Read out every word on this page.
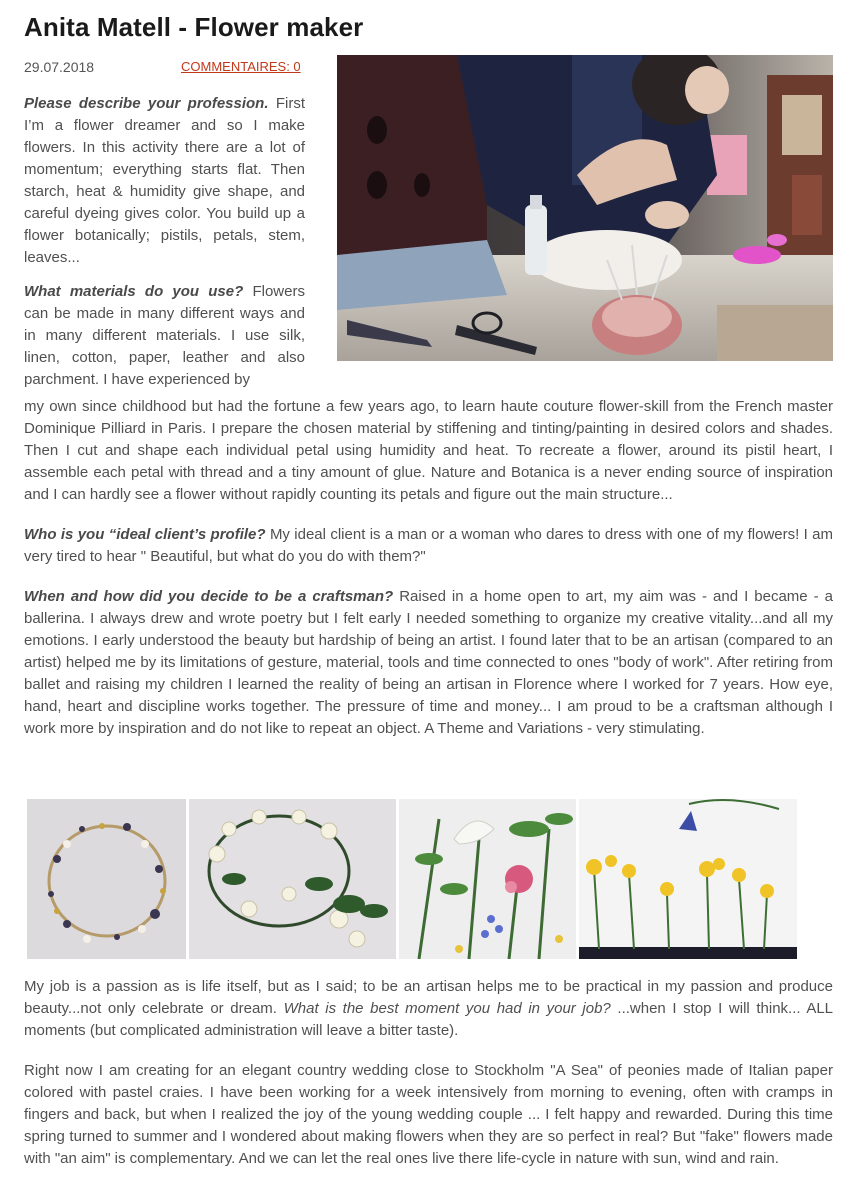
Anita Matell - Flower maker
29.07.2018	COMMENTAIRES: 0

Please describe your profession. First I’m a flower dreamer and so I make flowers. In this activity there are a lot of momentum; everything starts flat. Then starch, heat & humidity give shape, and careful dyeing gives color. You build up a flower botanically; pistils, petals, stem, leaves...

What materials do you use? Flowers can be made in many different ways and in many different materials. I use silk, linen, cotton, paper, leather and also parchment. I have experienced by

my own since childhood but had the fortune a few years ago, to learn haute couture flower-skill from the French master Dominique Pilliard in Paris. I prepare the chosen material by stiffening and tinting/painting in desired colors and shades. Then I cut and shape each individual petal using humidity and heat. To recreate a flower, around its pistil heart, I assemble each petal with thread and a tiny amount of glue. Nature and Botanica is a never ending source of inspiration and I can hardly see a flower without rapidly counting its petals and figure out the main structure...

Who is you “ideal client’s profile? My ideal client is a man or a woman who dares to dress with one of my flowers! I am very tired to hear " Beautiful, but what do you do with them?"

When and how did you decide to be a craftsman? Raised in a home open to art, my aim was - and I became - a ballerina. I always drew and wrote poetry but I felt early I needed something to organize my creative vitality...and all my emotions. I early understood the beauty but hardship of being an artist. I found later that to be an artisan (compared to an artist) helped me by its limitations of gesture, material, tools and time connected to ones "body of work". After retiring from ballet and raising my children I learned the reality of being an artisan in Florence where I worked for 7 years. How eye, hand, heart and discipline works together. The pressure of time and money... I am proud to be a craftsman although I work more by inspiration and do not like to repeat an object. A Theme and Variations - very stimulating.

My job is a passion as is life itself, but as I said; to be an artisan helps me to be practical in my passion and produce beauty...not only celebrate or dream. What is the best moment you had in your job? ...when I stop I will think... ALL moments (but complicated administration will leave a bitter taste).

Right now I am creating for an elegant country wedding close to Stockholm "A Sea" of peonies made of Italian paper colored with pastel craies. I have been working for a week intensively from morning to evening, often with cramps in fingers and back, but when I realized the joy of the young wedding couple ... I felt happy and rewarded. During this time spring turned to summer and I wondered about making flowers when they are so perfect in real? But "fake" flowers made with "an aim" is complementary. And we can let the real ones live there life-cycle in nature with sun, wind and rain.
